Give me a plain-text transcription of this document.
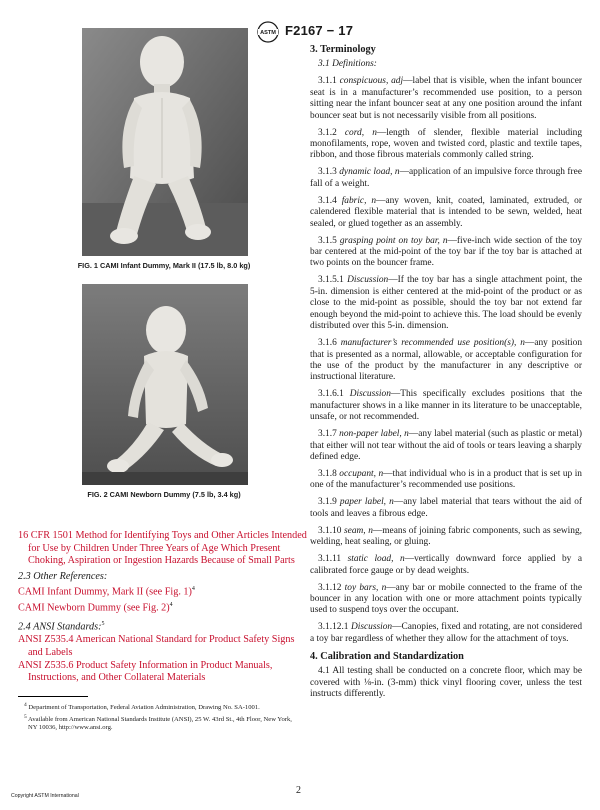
ASTM F2167 − 17
FIG. 1 CAMI Infant Dummy, Mark II (17.5 lb, 8.0 kg)
FIG. 2 CAMI Newborn Dummy (7.5 lb, 3.4 kg)

16 CFR 1501 Method for Identifying Toys and Other Articles Intended for Use by Children Under Three Years of Age Which Present Choking, Aspiration or Ingestion Hazards Because of Small Parts

2.3 Other References:

CAMI Infant Dummy, Mark II (see Fig. 1)$^4$

CAMI Newborn Dummy (see Fig. 2)$^4$

2.4 ANSI Standards:$^5$

ANSI Z535.4 American National Standard for Product Safety Signs and Labels

ANSI Z535.6 Product Safety Information in Product Manuals, Instructions, and Other Collateral Materials

$^4$ Department of Transportation, Federal Aviation Administration, Drawing No. SA-1001.

$^5$ Available from American National Standards Institute (ANSI), 25 W. 43rd St., 4th Floor, New York, NY 10036, http://www.ansi.org.

3. Terminology

3.1 Definitions:

3.1.1 conspicuous, adj—label that is visible, when the infant bouncer seat is in a manufacturer’s recommended use position, to a person sitting near the infant bouncer seat at any one position around the infant bouncer seat but is not necessarily visible from all positions.

3.1.2 cord, n—length of slender, flexible material including monofilaments, rope, woven and twisted cord, plastic and textile tapes, ribbon, and those fibrous materials commonly called string.

3.1.3 dynamic load, n—application of an impulsive force through free fall of a weight.

3.1.4 fabric, n—any woven, knit, coated, laminated, extruded, or calendered flexible material that is intended to be sewn, welded, heat sealed, or glued together as an assembly.

3.1.5 grasping point on toy bar, n—five-inch wide section of the toy bar centered at the mid-point of the toy bar if the toy bar is attached at two points on the bouncer frame.

3.1.5.1 Discussion—If the toy bar has a single attachment point, the 5-in. dimension is either centered at the mid-point of the product or as close to the mid-point as possible, should the toy bar not extend far enough beyond the mid-point to achieve this. The load should be evenly distributed over this 5-in. dimension.

3.1.6 manufacturer’s recommended use position(s), n—any position that is presented as a normal, allowable, or acceptable configuration for the use of the product by the manufacturer in any descriptive or instructional literature.

3.1.6.1 Discussion—This specifically excludes positions that the manufacturer shows in a like manner in its literature to be unacceptable, unsafe, or not recommended.

3.1.7 non-paper label, n—any label material (such as plastic or metal) that either will not tear without the aid of tools or tears leaving a sharply defined edge.

3.1.8 occupant, n—that individual who is in a product that is set up in one of the manufacturer’s recommended use positions.

3.1.9 paper label, n—any label material that tears without the aid of tools and leaves a fibrous edge.

3.1.10 seam, n—means of joining fabric components, such as sewing, welding, heat sealing, or gluing.

3.1.11 static load, n—vertically downward force applied by a calibrated force gauge or by dead weights.

3.1.12 toy bars, n—any bar or mobile connected to the frame of the bouncer in any location with one or more attachment points typically used to suspend toys over the occupant.

3.1.12.1 Discussion—Canopies, fixed and rotating, are not considered a toy bar regardless of whether they allow for the attachment of toys.

4. Calibration and Standardization

4.1 All testing shall be conducted on a concrete floor, which may be covered with ⅛-in. (3-mm) thick vinyl flooring cover, unless the test instructs differently.

Copyright ASTM International	2
